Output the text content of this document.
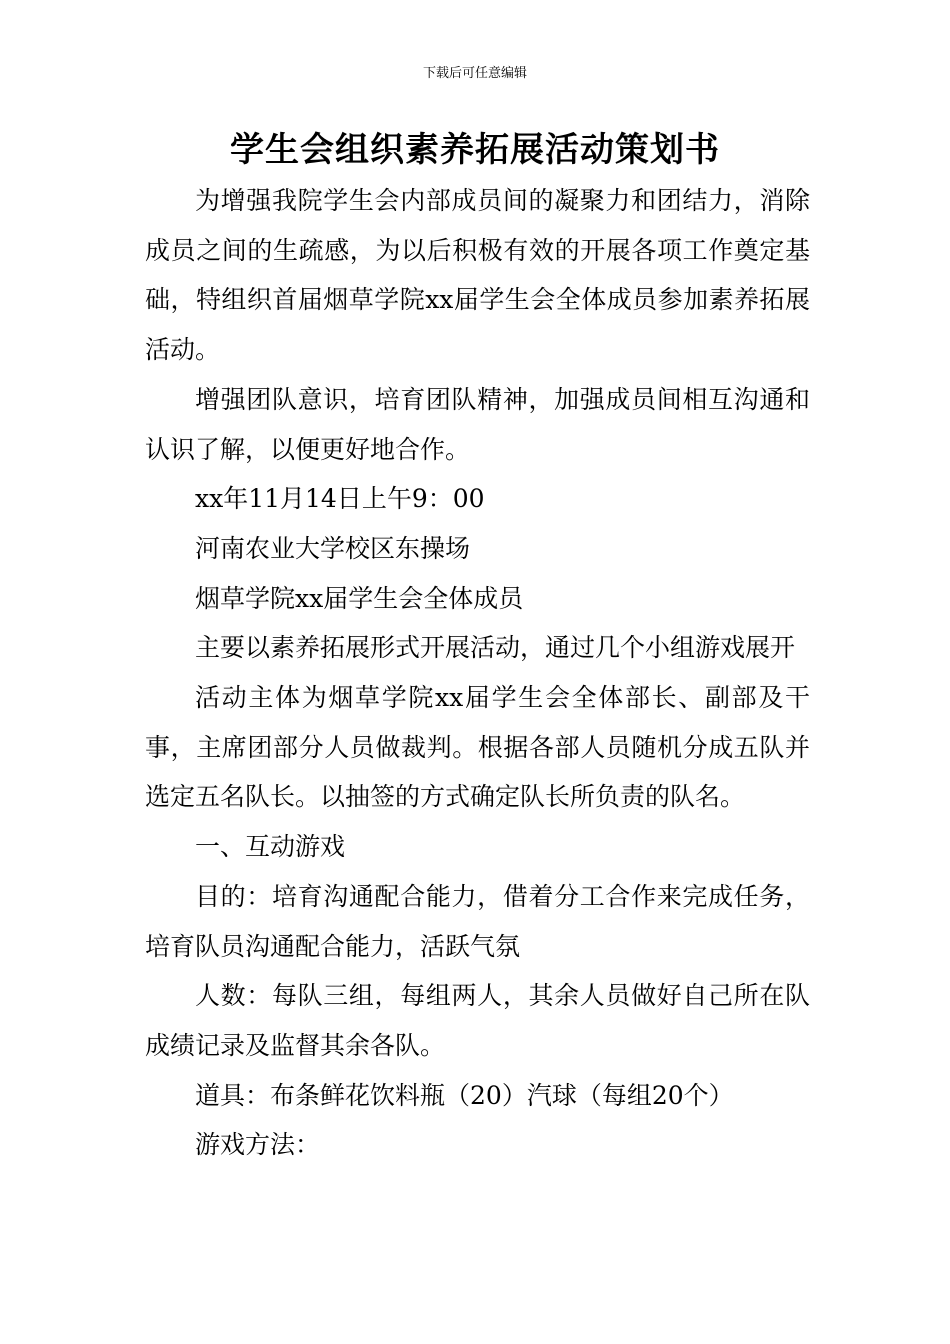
下载后可任意编辑
学生会组织素养拓展活动策划书

为增强我院学生会内部成员间的凝聚力和团结力，消除成员之间的生疏感，为以后积极有效的开展各项工作奠定基础，特组织首届烟草学院xx届学生会全体成员参加素养拓展活动。

增强团队意识，培育团队精神，加强成员间相互沟通和认识了解，以便更好地合作。

xx年11月14日上午9：00

河南农业大学校区东操场

烟草学院xx届学生会全体成员

主要以素养拓展形式开展活动，通过几个小组游戏展开

活动主体为烟草学院xx届学生会全体部长、副部及干事，主席团部分人员做裁判。根据各部人员随机分成五队并选定五名队长。以抽签的方式确定队长所负责的队名。

一、互动游戏

目的：培育沟通配合能力，借着分工合作来完成任务，培育队员沟通配合能力，活跃气氛

人数：每队三组，每组两人，其余人员做好自己所在队成绩记录及监督其余各队。

道具：布条鲜花饮料瓶（20）汽球（每组20个）

游戏方法：
